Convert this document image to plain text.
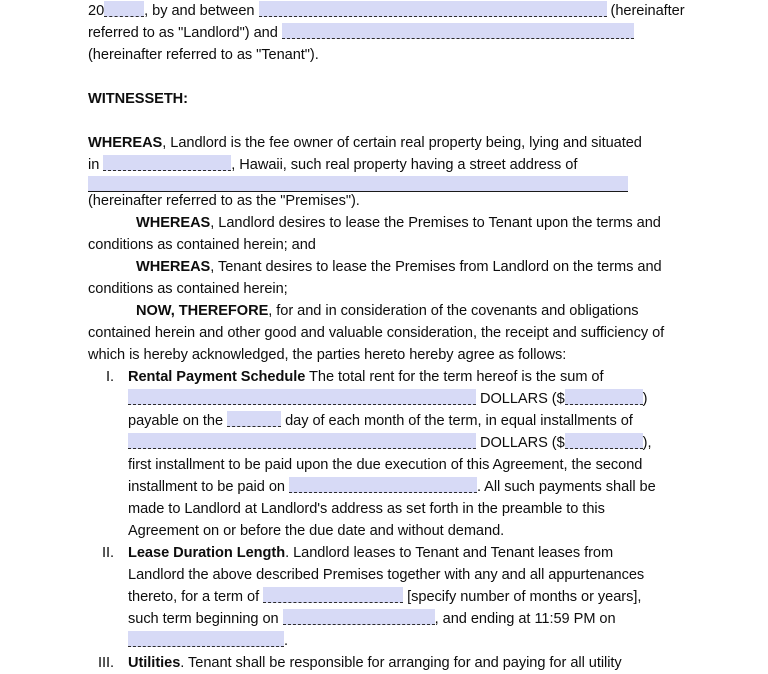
20	, by and between	(hereinafter

referred to as "Landlord") and

(hereinafter referred to as "Tenant").

WITNESSETH:

WHEREAS, Landlord is the fee owner of certain real property being, lying and situated

in	, Hawaii, such real property having a street address of

(hereinafter referred to as the "Premises").

WHEREAS, Landlord desires to lease the Premises to Tenant upon the terms and conditions as contained herein; and

WHEREAS, Tenant desires to lease the Premises from Landlord on the terms and conditions as contained herein;

NOW, THEREFORE, for and in consideration of the covenants and obligations contained herein and other good and valuable consideration, the receipt and sufficiency of which is hereby acknowledged, the parties hereto hereby agree as follows:

I. Rental Payment Schedule The total rent for the term hereof is the sum of

DOLLARS ($	)

payable on the	day of each month of the term, in equal installments of

DOLLARS ($	),

first installment to be paid upon the due execution of this Agreement, the second

installment to be paid on	. All such payments shall be

made to Landlord at Landlord's address as set forth in the preamble to this

Agreement on or before the due date and without demand.

II. Lease Duration Length. Landlord leases to Tenant and Tenant leases from

Landlord the above described Premises together with any and all appurtenances

thereto, for a term of	[specify number of months or years],

such term beginning on	, and ending at 11:59 PM on

.

III. Utilities. Tenant shall be responsible for arranging for and paying for all utility
